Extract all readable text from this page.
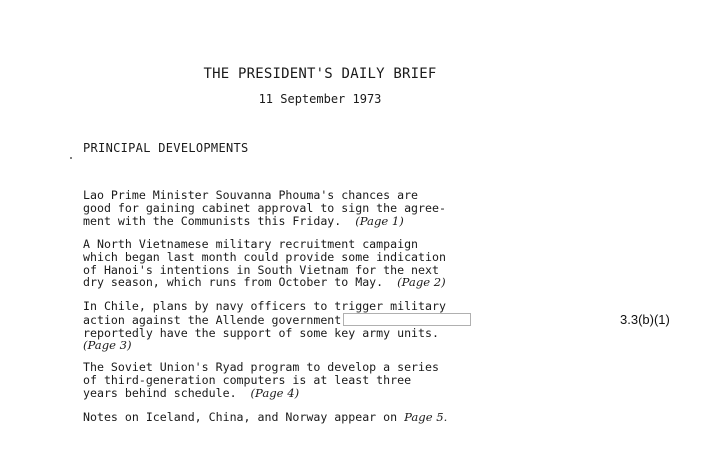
THE PRESIDENT'S DAILY BRIEF
11 September 1973
PRINCIPAL DEVELOPMENTS
Lao Prime Minister Souvanna Phouma's chances are
good for gaining cabinet approval to sign the agree-
ment with the Communists this Friday. (Page 1)
A North Vietnamese military recruitment campaign
which began last month could provide some indication
of Hanoi's intentions in South Vietnam for the next
dry season, which runs from October to May. (Page 2)
In Chile, plans by navy officers to trigger military
action against the Allende government
reportedly have the support of some key army units.
(Page 3)
The Soviet Union's Ryad program to develop a series
of third-generation computers is at least three
years behind schedule. (Page 4)
Notes on Iceland, China, and Norway appear on Page 5.
3.3(b)(1)
